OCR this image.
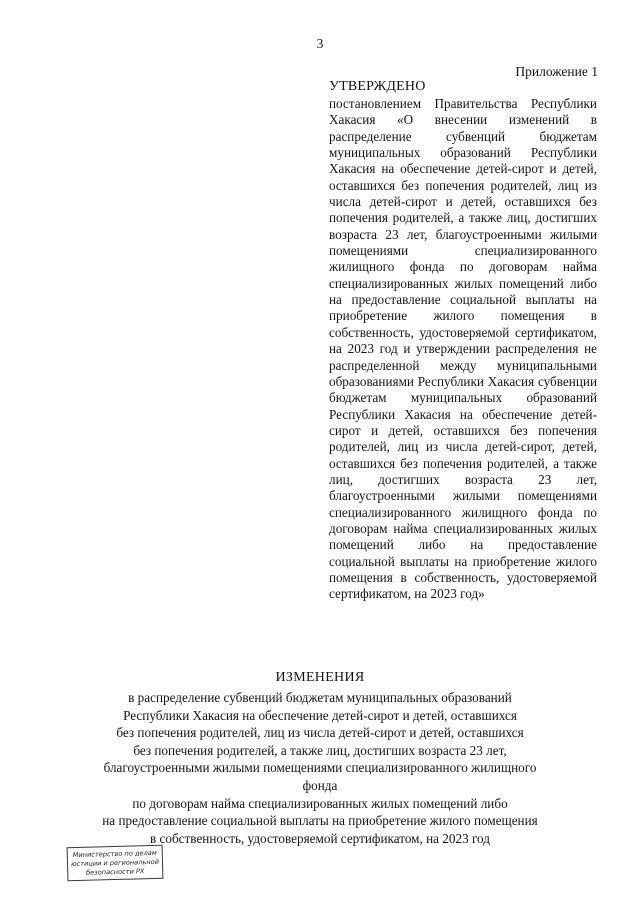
3
Приложение 1
УТВЕРЖДЕНО

постановлением Правительства Республики Хакасия «О внесении изменений в распределение субвенций бюджетам муниципальных образований Республики Хакасия на обеспечение детей-сирот и детей, оставшихся без попечения родителей, лиц из числа детей-сирот и детей, оставшихся без попечения родителей, а также лиц, достигших возраста 23 лет, благоустроенными жилыми помещениями специализированного жилищного фонда по договорам найма специализированных жилых помещений либо на предоставление социальной выплаты на приобретение жилого помещения в собственность, удостоверяемой сертификатом, на 2023 год и утверждении распределения не распределенной между муниципальными образованиями Республики Хакасия субвенции бюджетам муниципальных образований Республики Хакасия на обеспечение детей-сирот и детей, оставшихся без попечения родителей, лиц из числа детей-сирот, детей, оставшихся без попечения родителей, а также лиц, достигших возраста 23 лет, благоустроенными жилыми помещениями специализированного жилищного фонда по договорам найма специализированных жилых помещений либо на предоставление социальной выплаты на приобретение жилого помещения в собственность, удостоверяемой сертификатом, на 2023 год»

ИЗМЕНЕНИЯ

в распределение субвенций бюджетам муниципальных образований
Республики Хакасия на обеспечение детей-сирот и детей, оставшихся
без попечения родителей, лиц из числа детей-сирот и детей, оставшихся
без попечения родителей, а также лиц, достигших возраста 23 лет,
благоустроенными жилыми помещениями специализированного жилищного фонда
по договорам найма специализированных жилых помещений либо
на предоставление социальной выплаты на приобретение жилого помещения
в собственность, удостоверяемой сертификатом, на 2023 год

Министерство по делам
юстиции и региональной
безопасности РХ
